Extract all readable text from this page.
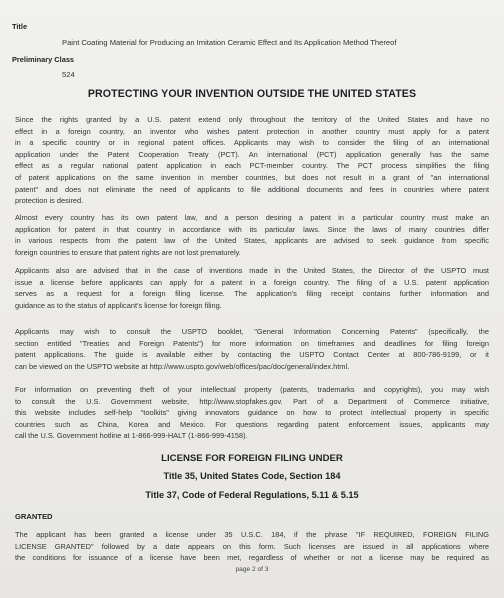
Title
Paint Coating Material for Producing an Imitation Ceramic Effect and Its Application Method Thereof
Preliminary Class
524
PROTECTING YOUR INVENTION OUTSIDE THE UNITED STATES
Since the rights granted by a U.S. patent extend only throughout the territory of the United States and have no
effect in a foreign country, an inventor who wishes patent protection in another country must apply for a patent
in a specific country or in regional patent offices. Applicants may wish to consider the filing of an international
application under the Patent Cooperation Treaty (PCT). An international (PCT) application generally has the same
effect as a regular national patent application in each PCT-member country. The PCT process simplifies the filing
of patent applications on the same invention in member countries, but does not result in a grant of "an international
patent" and does not eliminate the need of applicants to file additional documents and fees in countries where patent
protection is desired.
Almost every country has its own patent law, and a person desiring a patent in a particular country must make an
application for patent in that country in accordance with its particular laws. Since the laws of many countries differ
in various respects from the patent law of the United States, applicants are advised to seek guidance from specific
foreign countries to ensure that patent rights are not lost prematurely.
Applicants also are advised that in the case of inventions made in the United States, the Director of the USPTO must
issue a license before applicants can apply for a patent in a foreign country. The filing of a U.S. patent application
serves as a request for a foreign filing license. The application's filing receipt contains further information and
guidance as to the status of applicant's license for foreign filing.
Applicants may wish to consult the USPTO booklet, "General Information Concerning Patents" (specifically, the
section entitled "Treaties and Foreign Patents") for more information on timeframes and deadlines for filing foreign
patent applications. The guide is available either by contacting the USPTO Contact Center at 800-786-9199, or it
can be viewed on the USPTO website at http://www.uspto.gov/web/offices/pac/doc/general/index.html.
For information on preventing theft of your intellectual property (patents, trademarks and copyrights), you may wish
to consult the U.S. Government website, http://www.stopfakes.gov. Part of a Department of Commerce initiative,
this website includes self-help "toolkits" giving innovators guidance on how to protect intellectual property in specific
countries such as China, Korea and Mexico. For questions regarding patent enforcement issues, applicants may
call the U.S. Government hotline at 1-866-999-HALT (1-866-999-4158).
LICENSE FOR FOREIGN FILING UNDER
Title 35, United States Code, Section 184
Title 37, Code of Federal Regulations, 5.11 & 5.15
GRANTED
The applicant has been granted a license under 35 U.S.C. 184, if the phrase "IF REQUIRED, FOREIGN FILING
LICENSE GRANTED" followed by a date appears on this form. Such licenses are issued in all applications where
the conditions for issuance of a license have been met, regardless of whether or not a license may be required as
page 2 of 3
